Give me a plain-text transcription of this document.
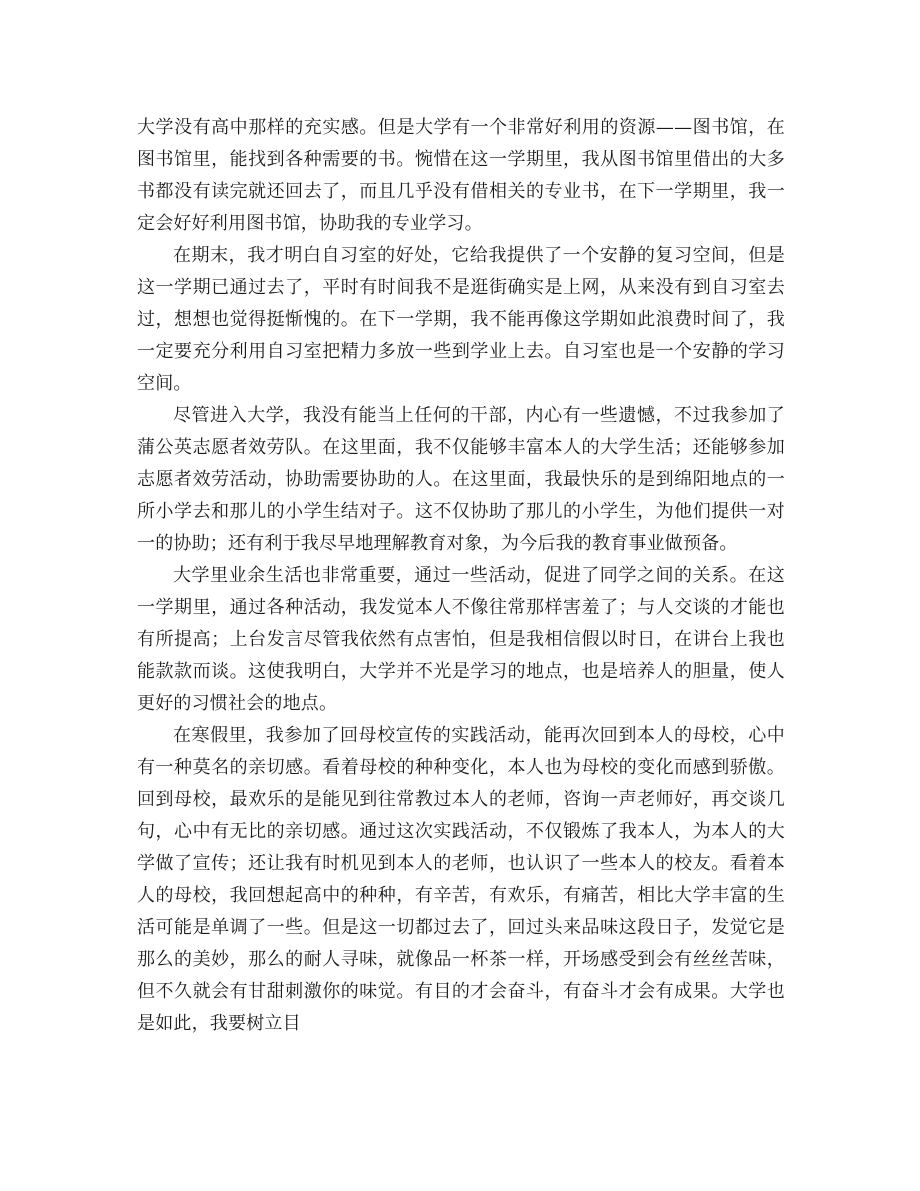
大学没有高中那样的充实感。但是大学有一个非常好利用的资源——图书馆，在图书馆里，能找到各种需要的书。惋惜在这一学期里，我从图书馆里借出的大多书都没有读完就还回去了，而且几乎没有借相关的专业书，在下一学期里，我一定会好好利用图书馆，协助我的专业学习。

在期末，我才明白自习室的好处，它给我提供了一个安静的复习空间，但是这一学期已通过去了，平时有时间我不是逛街确实是上网，从来没有到自习室去过，想想也觉得挺惭愧的。在下一学期，我不能再像这学期如此浪费时间了，我一定要充分利用自习室把精力多放一些到学业上去。自习室也是一个安静的学习空间。

尽管进入大学，我没有能当上任何的干部，内心有一些遗憾，不过我参加了蒲公英志愿者效劳队。在这里面，我不仅能够丰富本人的大学生活；还能够参加志愿者效劳活动，协助需要协助的人。在这里面，我最快乐的是到绵阳地点的一所小学去和那儿的小学生结对子。这不仅协助了那儿的小学生，为他们提供一对一的协助；还有利于我尽早地理解教育对象，为今后我的教育事业做预备。

大学里业余生活也非常重要，通过一些活动，促进了同学之间的关系。在这一学期里，通过各种活动，我发觉本人不像往常那样害羞了；与人交谈的才能也有所提高；上台发言尽管我依然有点害怕，但是我相信假以时日，在讲台上我也能款款而谈。这使我明白，大学并不光是学习的地点，也是培养人的胆量，使人更好的习惯社会的地点。

在寒假里，我参加了回母校宣传的实践活动，能再次回到本人的母校，心中有一种莫名的亲切感。看着母校的种种变化，本人也为母校的变化而感到骄傲。回到母校，最欢乐的是能见到往常教过本人的老师，咨询一声老师好，再交谈几句，心中有无比的亲切感。通过这次实践活动，不仅锻炼了我本人，为本人的大学做了宣传；还让我有时机见到本人的老师，也认识了一些本人的校友。看着本人的母校，我回想起高中的种种，有辛苦，有欢乐，有痛苦，相比大学丰富的生活可能是单调了一些。但是这一切都过去了，回过头来品味这段日子，发觉它是那么的美妙，那么的耐人寻味，就像品一杯茶一样，开场感受到会有丝丝苦味，但不久就会有甘甜刺激你的味觉。有目的才会奋斗，有奋斗才会有成果。大学也是如此，我要树立目
